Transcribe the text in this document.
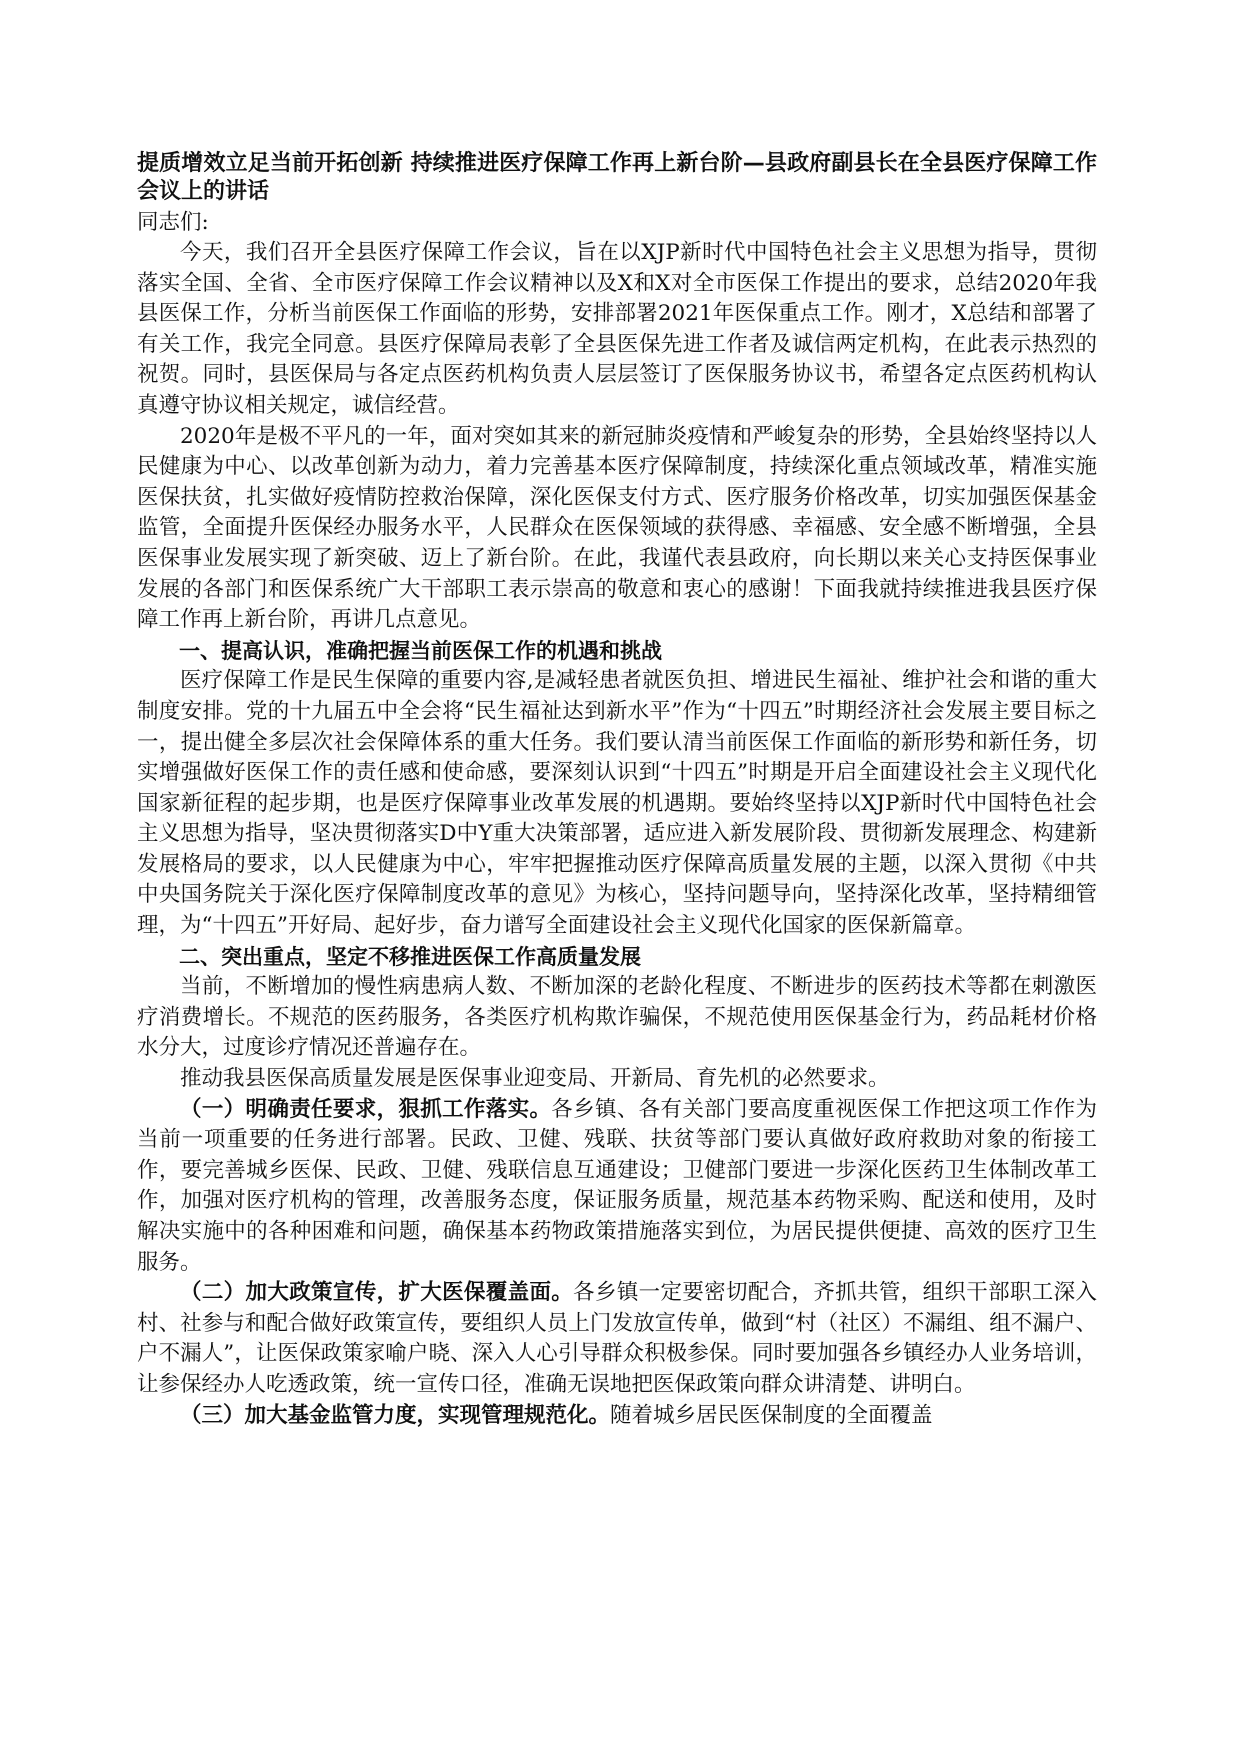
提质增效立足当前开拓创新 持续推进医疗保障工作再上新台阶—县政府副县长在全县医疗保障工作会议上的讲话

同志们:

今天，我们召开全县医疗保障工作会议，旨在以XJP新时代中国特色社会主义思想为指导，贯彻落实全国、全省、全市医疗保障工作会议精神以及X和X对全市医保工作提出的要求，总结2020年我县医保工作，分析当前医保工作面临的形势，安排部署2021年医保重点工作。刚才，X总结和部署了有关工作，我完全同意。县医疗保障局表彰了全县医保先进工作者及诚信两定机构，在此表示热烈的祝贺。同时，县医保局与各定点医药机构负责人层层签订了医保服务协议书，希望各定点医药机构认真遵守协议相关规定，诚信经营。

2020年是极不平凡的一年，面对突如其来的新冠肺炎疫情和严峻复杂的形势，全县始终坚持以人民健康为中心、以改革创新为动力，着力完善基本医疗保障制度，持续深化重点领域改革，精准实施医保扶贫，扎实做好疫情防控救治保障，深化医保支付方式、医疗服务价格改革，切实加强医保基金监管，全面提升医保经办服务水平，人民群众在医保领域的获得感、幸福感、安全感不断增强，全县医保事业发展实现了新突破、迈上了新台阶。在此，我谨代表县政府，向长期以来关心支持医保事业发展的各部门和医保系统广大干部职工表示崇高的敬意和衷心的感谢！下面我就持续推进我县医疗保障工作再上新台阶，再讲几点意见。

一、提高认识，准确把握当前医保工作的机遇和挑战

医疗保障工作是民生保障的重要内容,是减轻患者就医负担、增进民生福祉、维护社会和谐的重大制度安排。党的十九届五中全会将“民生福祉达到新水平”作为“十四五”时期经济社会发展主要目标之一，提出健全多层次社会保障体系的重大任务。我们要认清当前医保工作面临的新形势和新任务，切实增强做好医保工作的责任感和使命感，要深刻认识到“十四五”时期是开启全面建设社会主义现代化国家新征程的起步期，也是医疗保障事业改革发展的机遇期。要始终坚持以XJP新时代中国特色社会主义思想为指导，坚决贯彻落实D中Y重大决策部署，适应进入新发展阶段、贯彻新发展理念、构建新发展格局的要求，以人民健康为中心，牢牢把握推动医疗保障高质量发展的主题，以深入贯彻《中共中央国务院关于深化医疗保障制度改革的意见》为核心，坚持问题导向，坚持深化改革，坚持精细管理，为“十四五”开好局、起好步，奋力谱写全面建设社会主义现代化国家的医保新篇章。

二、突出重点，坚定不移推进医保工作高质量发展

当前，不断增加的慢性病患病人数、不断加深的老龄化程度、不断进步的医药技术等都在刺激医疗消费增长。不规范的医药服务，各类医疗机构欺诈骗保，不规范使用医保基金行为，药品耗材价格水分大，过度诊疗情况还普遍存在。

推动我县医保高质量发展是医保事业迎变局、开新局、育先机的必然要求。

（一）明确责任要求，狠抓工作落实。各乡镇、各有关部门要高度重视医保工作把这项工作作为当前一项重要的任务进行部署。民政、卫健、残联、扶贫等部门要认真做好政府救助对象的衔接工作，要完善城乡医保、民政、卫健、残联信息互通建设；卫健部门要进一步深化医药卫生体制改革工作，加强对医疗机构的管理，改善服务态度，保证服务质量，规范基本药物采购、配送和使用，及时解决实施中的各种困难和问题，确保基本药物政策措施落实到位，为居民提供便捷、高效的医疗卫生服务。

（二）加大政策宣传，扩大医保覆盖面。各乡镇一定要密切配合，齐抓共管，组织干部职工深入村、社参与和配合做好政策宣传，要组织人员上门发放宣传单，做到“村（社区）不漏组、组不漏户、户不漏人”，让医保政策家喻户晓、深入人心引导群众积极参保。同时要加强各乡镇经办人业务培训，让参保经办人吃透政策，统一宣传口径，准确无误地把医保政策向群众讲清楚、讲明白。

（三）加大基金监管力度，实现管理规范化。随着城乡居民医保制度的全面覆盖
